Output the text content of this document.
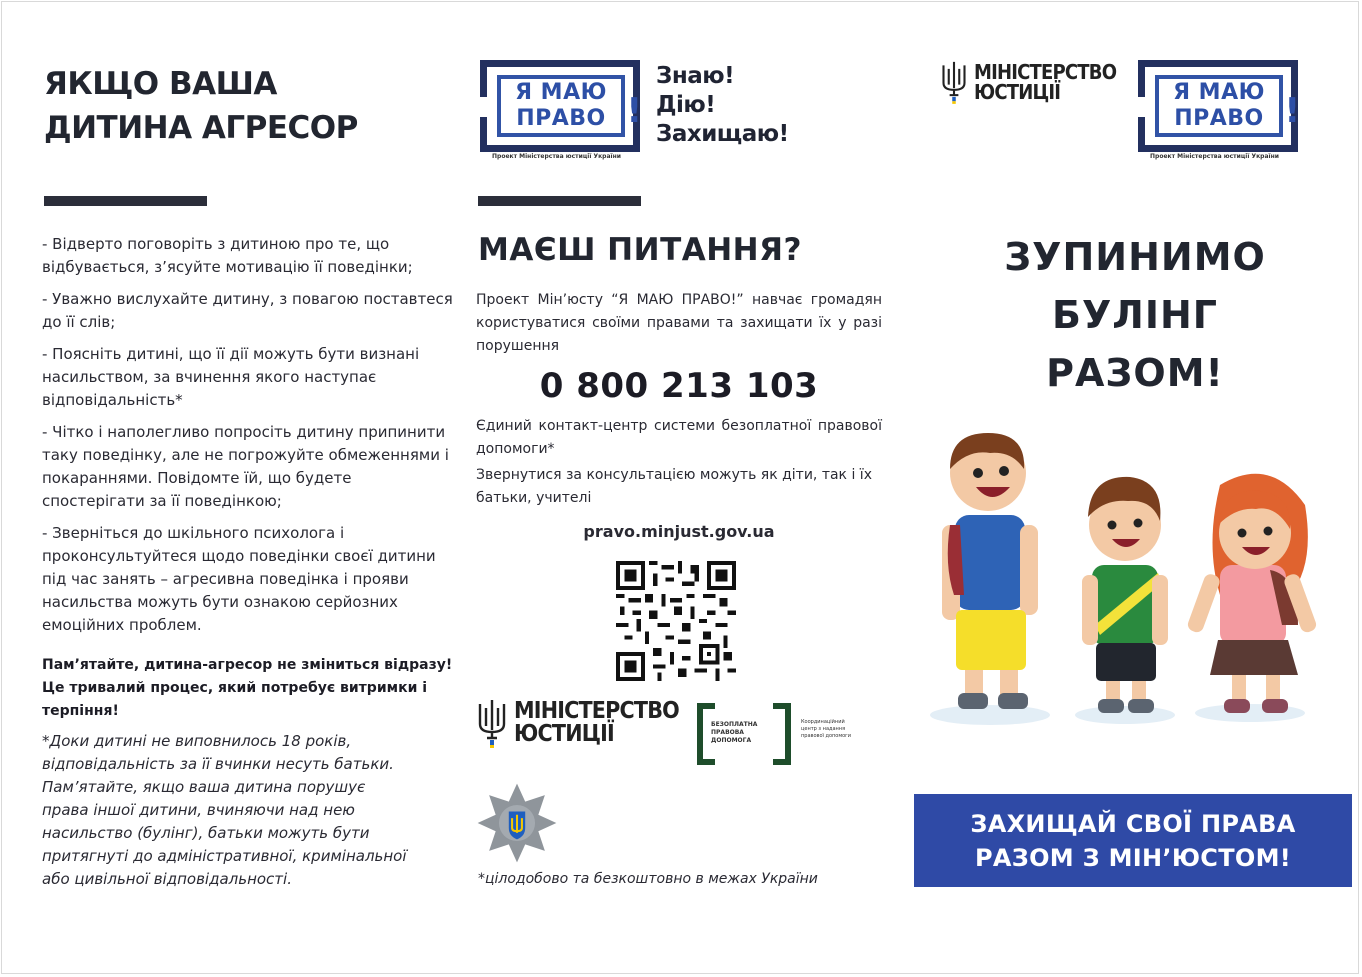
ЯКЩО ВАША
ДИТИНА АГРЕСОР

- Відверто поговоріть з дитиною про те, що відбувається, з’ясуйте мотивацію її поведінки;

- Уважно вислухайте дитину, з повагою поставтеся до її слів;

- Поясніть дитині, що її дії можуть бути визнані насильством, за вчинення якого наступає відповідальність*

- Чітко і наполегливо попросіть дитину припинити таку поведінку, але не погрожуйте обмеженнями і покараннями. Повідомте їй, що будете спостерігати за її поведінкою;

- Зверніться до шкільного психолога і проконсультуйтеся щодо поведінки своєї дитини під час занять – агресивна поведінка і прояви насильства можуть бути ознакою серйозних емоційних проблем.

Пам’ятайте, дитина-агресор не зміниться відразу! Це тривалий процес, який потребує витримки і терпіння!
*Доки дитині не виповнилось 18 років,
відповідальність за її вчинки несуть батьки.
Пам’ятайте, якщо ваша дитина порушує
права іншої дитини, вчиняючи над нею
насильство (булінг), батьки можуть бути
притягнуті до адміністративної, кримінальної
або цивільної відповідальності.
Я МАЮ
ПРАВО !
Проект Міністерства юстиції України
Знаю!
Дію!
Захищаю!
МАЄШ ПИТАННЯ?
Проект Мін’юсту “Я МАЮ ПРАВО!” навчає громадян користуватися своїми правами та захищати їх у разі порушення
0 800 213 103
Єдиний контакт-центр системи безоплатної правової допомоги*
Звернутися за консультацією можуть як діти, так і їх батьки, учителі
pravo.minjust.gov.ua
МІНІСТЕРСТВО
ЮСТИЦІЇ	БЕЗОПЛАТНА
ПРАВОВА
ДОПОМОГА
Координаційний
центр з надання
правової допомоги
*цілодобово та безкоштовно в межах України
МІНІСТЕРСТВО
ЮСТИЦІЇ	Я МАЮ
ПРАВО !
Проект Міністерства юстиції України
ЗУПИНИМО
БУЛІНГ
РАЗОМ!
ЗАХИЩАЙ СВОЇ ПРАВА
РАЗОМ З МІН’ЮСТОМ!
